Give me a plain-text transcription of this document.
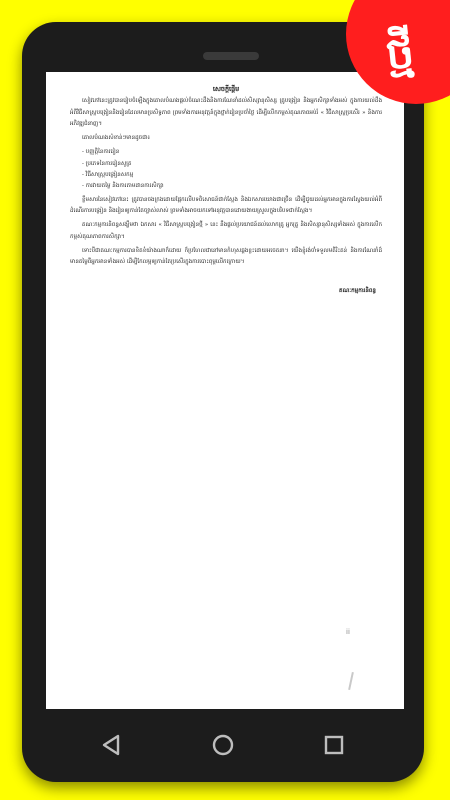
សេចក្តីផ្តើម

សៀវភៅនេះត្រូវបានរៀបចំឡើងក្នុងគោលបំណងផ្តល់ចំណេះដឹងនិងការណែនាំដល់សិស្សានុសិស្ស គ្រូបង្រៀន និងអ្នកសិក្សាទាំងអស់ ក្នុងការយល់ដឹងអំពីវិធីសាស្ត្របង្រៀននិងរៀនដែលមានប្រសិទ្ធភាព ព្រមទាំងការអនុវត្តន៍ក្នុងថ្នាក់រៀនប្រចាំថ្ងៃ ដើម្បីលើកកម្ពស់គុណភាពអប់រំ « វិធីសាស្ត្រប្រសើរ » និងការអភិវឌ្ឍជំនាញ។

គោលបំណងសំខាន់ៗមានដូចជា៖

- បញ្ញត្តិនៃការរៀន
- ប្រភេទនៃការរៀនសូត្រ
- វិធីសាស្ត្របង្រៀនសកម្ម
- ការវាយតម្លៃ និងការតាមដានការសិក្សា

ខ្លឹមសារនៃសៀវភៅនេះ ត្រូវបានចងក្រងដោយផ្អែកលើបទពិសោធន៍ជាក់ស្តែង និងឯកសារយោងជាច្រើន ដើម្បីជួយដល់អ្នកអានក្នុងការស្វែងយល់អំពីដំណើរការបង្រៀន និងរៀនឲ្យកាន់តែច្បាស់លាស់ ព្រមទាំងអាចយកទៅអនុវត្តបានដោយងាយស្រួលក្នុងបរិបទជាក់ស្តែង។

គណៈកម្មការនិពន្ធសង្ឃឹមថា ឯកសារ « វិធីសាស្ត្របង្រៀនថ្មី » នេះ នឹងផ្តល់ប្រយោជន៍ដល់លោកគ្រូ អ្នកគ្រូ និងសិស្សានុសិស្សទាំងអស់ ក្នុងការលើកកម្ពស់គុណភាពការសិក្សា។

ទោះបីជាគណៈកម្មការបានខិតខំយ៉ាងណាក៏ដោយ ក៏ប្រហែលជានៅមានកំហុសឆ្គងខ្លះដោយអចេតនា។ យើងខ្ញុំរង់ចាំទទួលមតិរិះគន់ និងការណែនាំដ៏មានតម្លៃពីអ្នកអានទាំងអស់ ដើម្បីកែលម្អឲ្យកាន់តែប្រសើរក្នុងការបោះពុម្ពលើកក្រោយ។

គណៈកម្មការនិពន្ធ
ii
ថ្មី
